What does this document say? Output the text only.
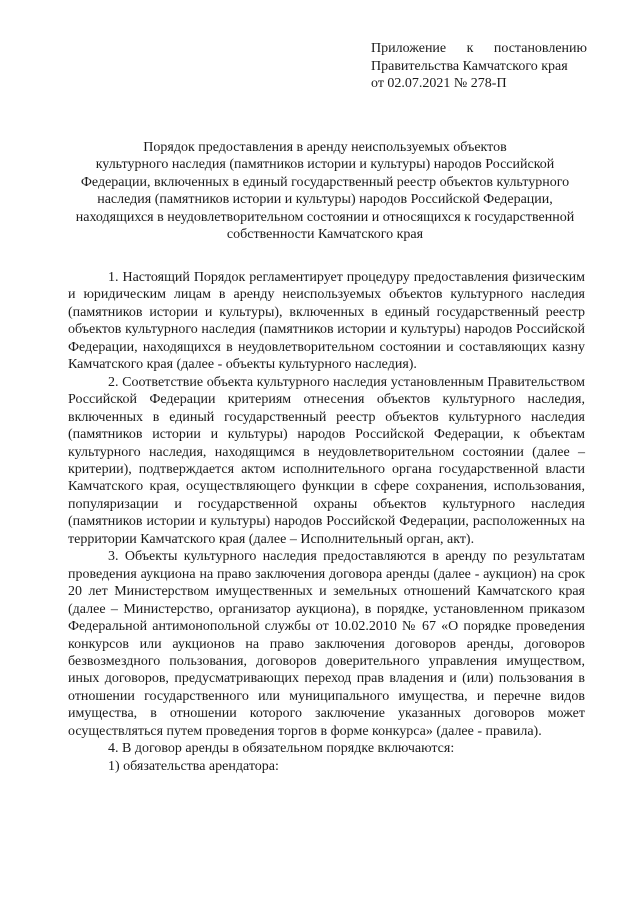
Приложение к постановлению
Правительства Камчатского края
от 02.07.2021 № 278-П
Порядок предоставления в аренду неиспользуемых объектов
культурного наследия (памятников истории и культуры) народов Российской
Федерации, включенных в единый государственный реестр объектов культурного
наследия (памятников истории и культуры) народов Российской Федерации,
находящихся в неудовлетворительном состоянии и относящихся к государственной
собственности Камчатского края

1. Настоящий Порядок регламентирует процедуру предоставления физическим и юридическим лицам в аренду неиспользуемых объектов культурного наследия (памятников истории и культуры), включенных в единый государственный реестр объектов культурного наследия (памятников истории и культуры) народов Российской Федерации, находящихся в неудовлетворительном состоянии и составляющих казну Камчатского края (далее - объекты культурного наследия).

2. Соответствие объекта культурного наследия установленным Правительством Российской Федерации критериям отнесения объектов культурного наследия, включенных в единый государственный реестр объектов культурного наследия (памятников истории и культуры) народов Российской Федерации, к объектам культурного наследия, находящимся в неудовлетворительном состоянии (далее – критерии), подтверждается актом исполнительного органа государственной власти Камчатского края, осуществляющего функции в сфере сохранения, использования, популяризации и государственной охраны объектов культурного наследия (памятников истории и культуры) народов Российской Федерации, расположенных на территории Камчатского края (далее – Исполнительный орган, акт).

3. Объекты культурного наследия предоставляются в аренду по результатам проведения аукциона на право заключения договора аренды (далее - аукцион) на срок 20 лет Министерством имущественных и земельных отношений Камчатского края (далее – Министерство, организатор аукциона), в порядке, установленном приказом Федеральной антимонопольной службы от 10.02.2010 № 67 «О порядке проведения конкурсов или аукционов на право заключения договоров аренды, договоров безвозмездного пользования, договоров доверительного управления имуществом, иных договоров, предусматривающих переход прав владения и (или) пользования в отношении государственного или муниципального имущества, и перечне видов имущества, в отношении которого заключение указанных договоров может осуществляться путем проведения торгов в форме конкурса» (далее - правила).

4. В договор аренды в обязательном порядке включаются:

1) обязательства арендатора:
